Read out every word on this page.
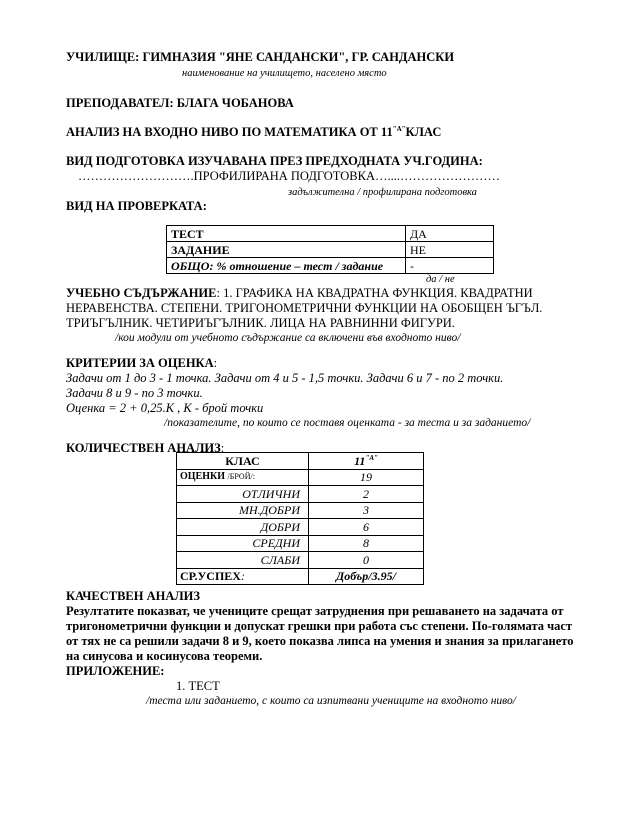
УЧИЛИЩЕ: ГИМНАЗИЯ "ЯНЕ САНДАНСКИ", ГР. САНДАНСКИ
наименование на училището, населено място
ПРЕПОДАВАТЕЛ: БЛАГА ЧОБАНОВА
АНАЛИЗ НА ВХОДНО НИВО ПО МАТЕМАТИКА ОТ $11^{"А"}КЛАС$
ВИД ПОДГОТОВКА ИЗУЧАВАНА ПРЕЗ ПРЕДХОДНАТА УЧ.ГОДИНА:
……………………….ПРОФИЛИРАНА ПОДГОТОВКА…....……………………
задължителна / профилирана подготовка
ВИД НА ПРОВЕРКАТА:
ТЕСТ	ДА
ЗАДАНИЕ	НЕ
ОБЩО: % отношение – тест / задание	-
да / не
УЧЕБНО СЪДЪРЖАНИЕ: 1. ГРАФИКА НА КВАДРАТНА ФУНКЦИЯ. КВАДРАТНИ
НЕРАВЕНСТВА. СТЕПЕНИ. ТРИГОНОМЕТРИЧНИ ФУНКЦИИ НА ОБОБЩЕН ЪГЪЛ.
ТРИЪГЪЛНИК. ЧЕТИРИЪГЪЛНИК. ЛИЦА НА РАВНИННИ ФИГУРИ.
/кои модули от учебното съдържание са включени във входното ниво/
КРИТЕРИИ ЗА ОЦЕНКА:
Задачи от 1 до 3 - 1 точка. Задачи от 4 и 5 - 1,5 точки. Задачи 6 и 7 - по 2 точки.
Задачи 8 и 9 - по 3 точки.
Оценка = 2 + 0,25.К , К - брой точки
/показателите, по които се поставя оценката - за теста и за заданието/
КОЛИЧЕСТВЕН АНАЛИЗ:
КЛАС	$11^{"А"}$
ОЦЕНКИ /БРОЙ/:	19
ОТЛИЧНИ	2
МН.ДОБРИ	3
ДОБРИ	6
СРЕДНИ	8
СЛАБИ	0
СР.УСПЕХ:	Добър/3.95/
КАЧЕСТВЕН АНАЛИЗ
Резултатите показват, че учениците срещат затруднения при решаването на задачата от
тригонометрични функции и допускат грешки при работа със степени. По-голямата част
от тях не са решили задачи 8 и 9, което показва липса на умения и знания за прилагането
на синусова и косинусова теореми.
ПРИЛОЖЕНИЕ:
1. ТЕСТ
/теста или заданието, с които са изпитвани учениците на входното ниво/
